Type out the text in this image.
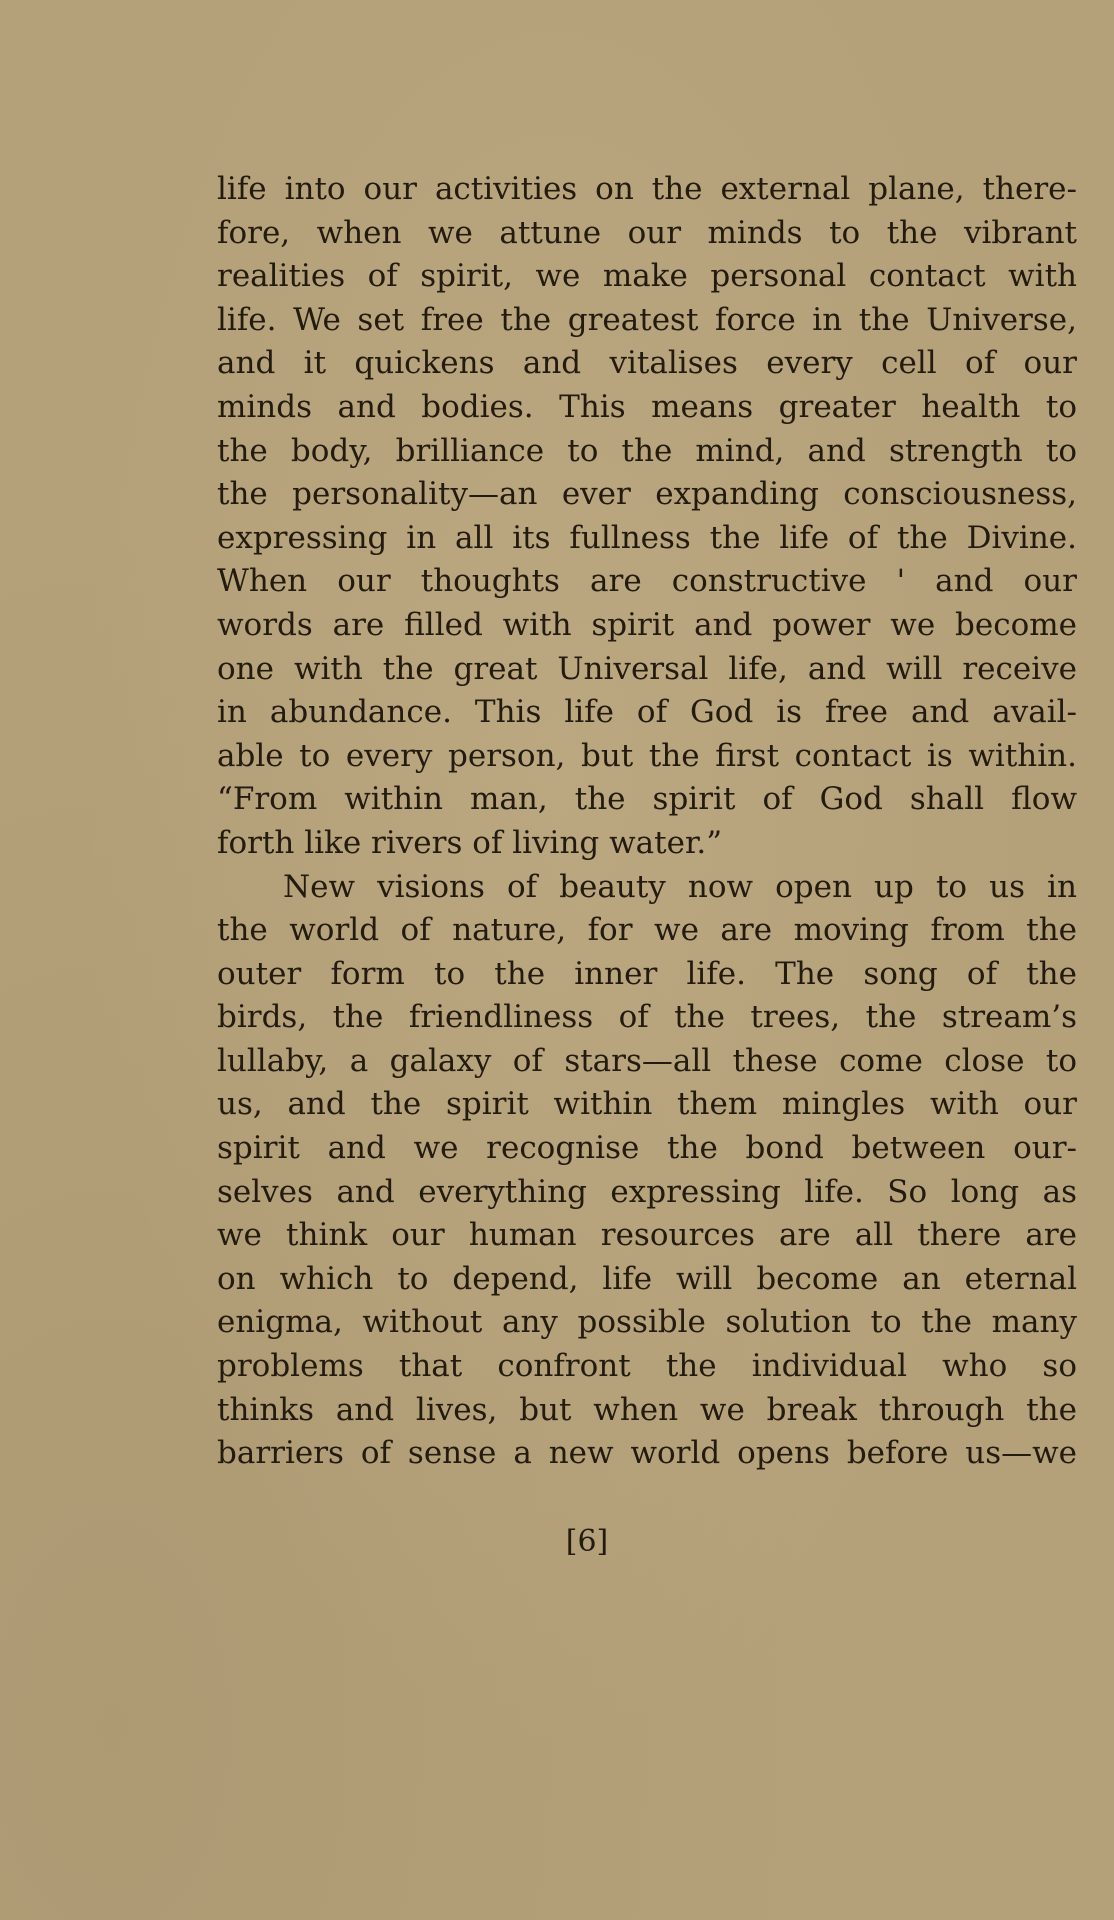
life into our activities on the external plane, there-
fore, when we attune our minds to the vibrant
realities of spirit, we make personal contact with
life. We set free the greatest force in the Universe,
and it quickens and vitalises every cell of our
minds and bodies. This means greater health to
the body, brilliance to the mind, and strength to
the personality—an ever expanding consciousness,
expressing in all its fullness the life of the Divine.
When our thoughts are constructive ' and our
words are filled with spirit and power we become
one with the great Universal life, and will receive
in abundance. This life of God is free and avail-
able to every person, but the first contact is within.
“From within man, the spirit of God shall flow
forth like rivers of living water.”
New visions of beauty now open up to us in
the world of nature, for we are moving from the
outer form to the inner life. The song of the
birds, the friendliness of the trees, the stream’s
lullaby, a galaxy of stars—all these come close to
us, and the spirit within them mingles with our
spirit and we recognise the bond between our-
selves and everything expressing life. So long as
we think our human resources are all there are
on which to depend, life will become an eternal
enigma, without any possible solution to the many
problems that confront the individual who so
thinks and lives, but when we break through the
barriers of sense a new world opens before us—we
[6]
